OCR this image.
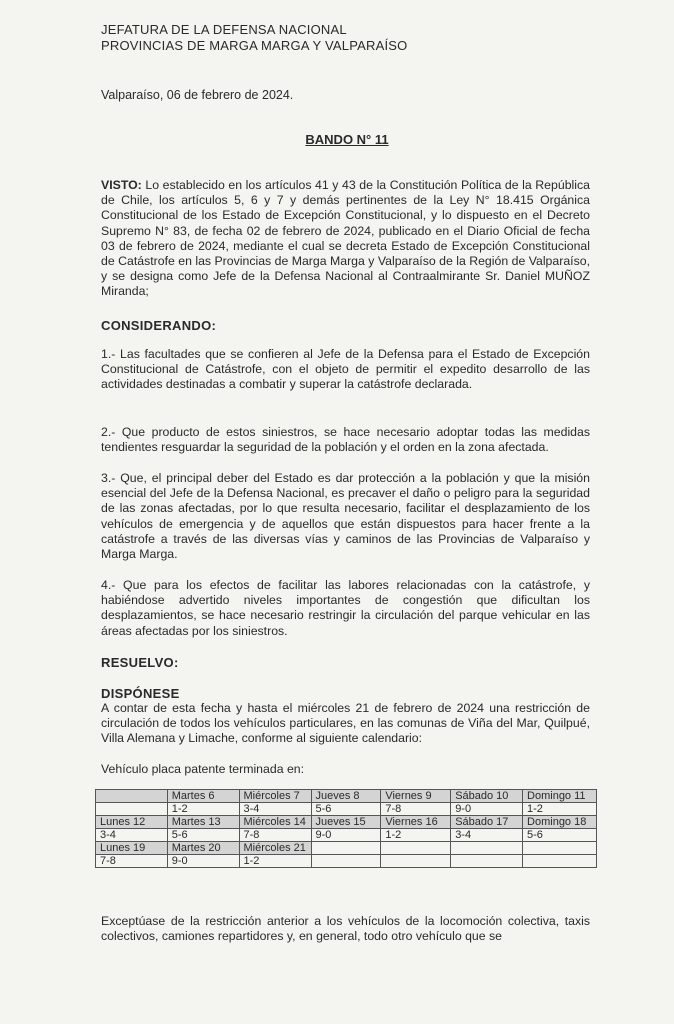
JEFATURA DE LA DEFENSA NACIONAL
PROVINCIAS DE MARGA MARGA Y VALPARAÍSO
Valparaíso, 06 de febrero de 2024.
BANDO N° 11
VISTO: Lo establecido en los artículos 41 y 43 de la Constitución Política de la República de Chile, los artículos 5, 6 y 7 y demás pertinentes de la Ley N° 18.415 Orgánica Constitucional de los Estado de Excepción Constitucional, y lo dispuesto en el Decreto Supremo N° 83, de fecha 02 de febrero de 2024, publicado en el Diario Oficial de fecha 03 de febrero de 2024, mediante el cual se decreta Estado de Excepción Constitucional de Catástrofe en las Provincias de Marga Marga y Valparaíso de la Región de Valparaíso, y se designa como Jefe de la Defensa Nacional al Contraalmirante Sr. Daniel MUÑOZ Miranda;
CONSIDERANDO:
1.- Las facultades que se confieren al Jefe de la Defensa para el Estado de Excepción Constitucional de Catástrofe, con el objeto de permitir el expedito desarrollo de las actividades destinadas a combatir y superar la catástrofe declarada.
2.- Que producto de estos siniestros, se hace necesario adoptar todas las medidas tendientes resguardar la seguridad de la población y el orden en la zona afectada.
3.- Que, el principal deber del Estado es dar protección a la población y que la misión esencial del Jefe de la Defensa Nacional, es precaver el daño o peligro para la seguridad de las zonas afectadas, por lo que resulta necesario, facilitar el desplazamiento de los vehículos de emergencia y de aquellos que están dispuestos para hacer frente a la catástrofe a través de las diversas vías y caminos de las Provincias de Valparaíso y Marga Marga.
4.- Que para los efectos de facilitar las labores relacionadas con la catástrofe, y habiéndose advertido niveles importantes de congestión que dificultan los desplazamientos, se hace necesario restringir la circulación del parque vehicular en las áreas afectadas por los siniestros.
RESUELVO:
DISPÓNESE
A contar de esta fecha y hasta el miércoles 21 de febrero de 2024 una restricción de circulación de todos los vehículos particulares, en las comunas de Viña del Mar, Quilpué, Villa Alemana y Limache, conforme al siguiente calendario:
Vehículo placa patente terminada en:
	Martes 6	Miércoles 7	Jueves 8	Viernes 9	Sábado 10	Domingo 11
	1-2	3-4	5-6	7-8	9-0	1-2
Lunes 12	Martes 13	Miércoles 14	Jueves 15	Viernes 16	Sábado 17	Domingo 18
3-4	5-6	7-8	9-0	1-2	3-4	5-6
Lunes 19	Martes 20	Miércoles 21				
7-8	9-0	1-2				
Exceptúase de la restricción anterior a los vehículos de la locomoción colectiva, taxis colectivos, camiones repartidores y, en general, todo otro vehículo que se
